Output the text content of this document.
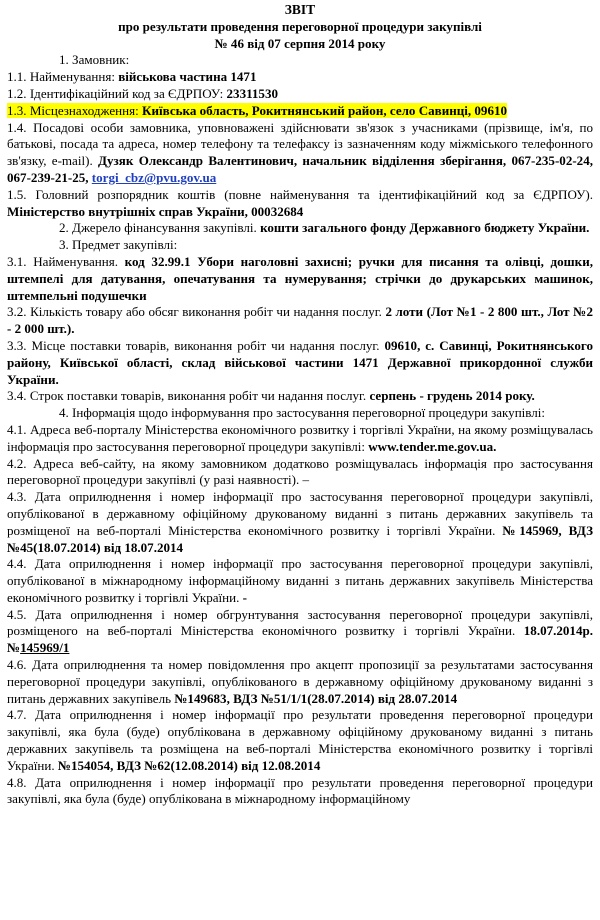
ЗВІТ

про результати проведення переговорної процедури закупівлі

№ 46 від 07 серпня 2014 року

1. Замовник:

1.1. Найменування: військова частина 1471

1.2. Ідентифікаційний код за ЄДРПОУ: 23311530

1.3. Місцезнаходження: Київська область, Рокитнянський район, село Савинці, 09610

1.4. Посадові особи замовника, уповноважені здійснювати зв'язок з учасниками (прізвище, ім'я, по батькові, посада та адреса, номер телефону та телефаксу із зазначенням коду міжміського телефонного зв'язку, e-mail). Дузяк Олександр Валентинович, начальник відділення зберігання, 067-235-02-24, 067-239-21-25, torgi_cbz@pvu.gov.ua

1.5. Головний розпорядник коштів (повне найменування та ідентифікаційний код за ЄДРПОУ). Міністерство внутрішніх справ України, 00032684

2. Джерело фінансування закупівлі. кошти загального фонду Державного бюджету України.

3. Предмет закупівлі:

3.1. Найменування. код 32.99.1 Убори наголовні захисні; ручки для писання та олівці, дошки, штемпелі для датування, опечатування та нумерування; стрічки до друкарських машинок, штемпельні подушечки

3.2. Кількість товару або обсяг виконання робіт чи надання послуг. 2 лоти (Лот №1 - 2 800 шт., Лот №2 - 2 000 шт.).

3.3. Місце поставки товарів, виконання робіт чи надання послуг. 09610, с. Савинці, Рокитнянського району, Київської області, склад військової частини 1471 Державної прикордонної служби України.

3.4. Строк поставки товарів, виконання робіт чи надання послуг. серпень - грудень 2014 року.

4. Інформація щодо інформування про застосування переговорної процедури закупівлі:

4.1. Адреса веб-порталу Міністерства економічного розвитку і торгівлі України, на якому розміщувалась інформація про застосування переговорної процедури закупівлі: www.tender.me.gov.ua.

4.2. Адреса веб-сайту, на якому замовником додатково розміщувалась інформація про застосування переговорної процедури закупівлі (у разі наявності). –

4.3. Дата оприлюднення і номер інформації про застосування переговорної процедури закупівлі, опублікованої в державному офіційному друкованому виданні з питань державних закупівель та розміщеної на веб-порталі Міністерства економічного розвитку і торгівлі України. №145969, ВДЗ №45(18.07.2014) від 18.07.2014

4.4. Дата оприлюднення і номер інформації про застосування переговорної процедури закупівлі, опублікованої в міжнародному інформаційному виданні з питань державних закупівель Міністерства економічного розвитку і торгівлі України. -

4.5. Дата оприлюднення і номер обгрунтування застосування переговорної процедури закупівлі, розміщеного на веб-порталі Міністерства економічного розвитку і торгівлі України. 18.07.2014р. №145969/1

4.6. Дата оприлюднення та номер повідомлення про акцепт пропозиції за результатами застосування переговорної процедури закупівлі, опублікованого в державному офіційному друкованому виданні з питань державних закупівель №149683, ВДЗ №51/1/1(28.07.2014) від 28.07.2014

4.7. Дата оприлюднення і номер інформації про результати проведення переговорної процедури закупівлі, яка була (буде) опублікована в державному офіційному друкованому виданні з питань державних закупівель та розміщена на веб-порталі Міністерства економічного розвитку і торгівлі України. №154054, ВДЗ №62(12.08.2014) від 12.08.2014

4.8. Дата оприлюднення і номер інформації про результати проведення переговорної процедури закупівлі, яка була (буде) опублікована в міжнародному інформаційному
